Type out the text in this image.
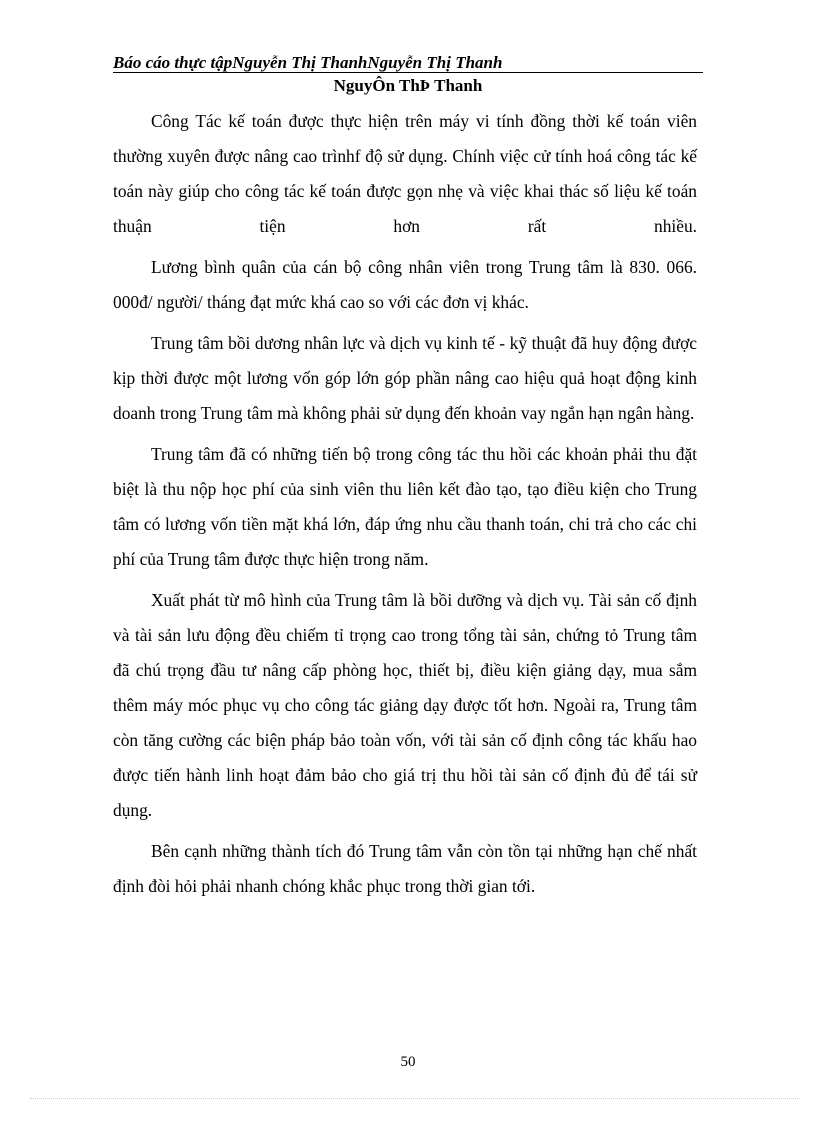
Báo cáo thực tậpNguyễn Thị ThanhNguyễn Thị Thanh
NguyÔn ThÞ Thanh

Công Tác kế toán được thực hiện trên máy vi tính đồng thời kế toán viên thường xuyên được nâng cao trìnhf độ sử dụng. Chính việc cử tính hoá công tác kế toán này giúp cho công tác kế toán được gọn nhẹ và việc khai thác số liệu kế toán thuận tiện hơn rất nhiều.

Lương bình quân của cán bộ công nhân viên trong Trung tâm là 830. 066. 000đ/ người/ tháng đạt mức khá cao so với các đơn vị khác.

Trung tâm bồi dương nhân lực và dịch vụ kinh tế - kỹ thuật đã huy động được kịp thời được một lương vốn góp lớn góp phần nâng cao hiệu quả hoạt động kinh doanh trong Trung tâm mà không phải sử dụng đến khoản vay ngắn hạn ngân hàng.

Trung tâm đã có những tiến bộ trong công tác thu hồi các khoản phải thu đặt biệt là thu nộp học phí của sinh viên thu liên kết đào tạo, tạo điều kiện cho Trung tâm có lương vốn tiền mặt khá lớn, đáp ứng nhu cầu thanh toán, chi trả cho các chi phí của Trung tâm được thực hiện trong năm.

Xuất phát từ mô hình của Trung tâm là bồi dưỡng và dịch vụ. Tài sản cố định và tài sản lưu động đều chiếm tỉ trọng cao trong tổng tài sản, chứng tỏ Trung tâm đã chú trọng đầu tư nâng cấp phòng học, thiết bị, điều kiện giảng dạy, mua sắm thêm máy móc phục vụ cho công tác giảng dạy được tốt hơn. Ngoài ra, Trung tâm còn tăng cường các biện pháp bảo toàn vốn, với tài sản cố định công tác khấu hao được tiến hành linh hoạt đảm bảo cho giá trị thu hồi tài sản cố định đủ để tái sử dụng.

Bên cạnh những thành tích đó Trung tâm vẫn còn tồn tại những hạn chế nhất định đòi hỏi phải nhanh chóng khắc phục trong thời gian tới.

50
